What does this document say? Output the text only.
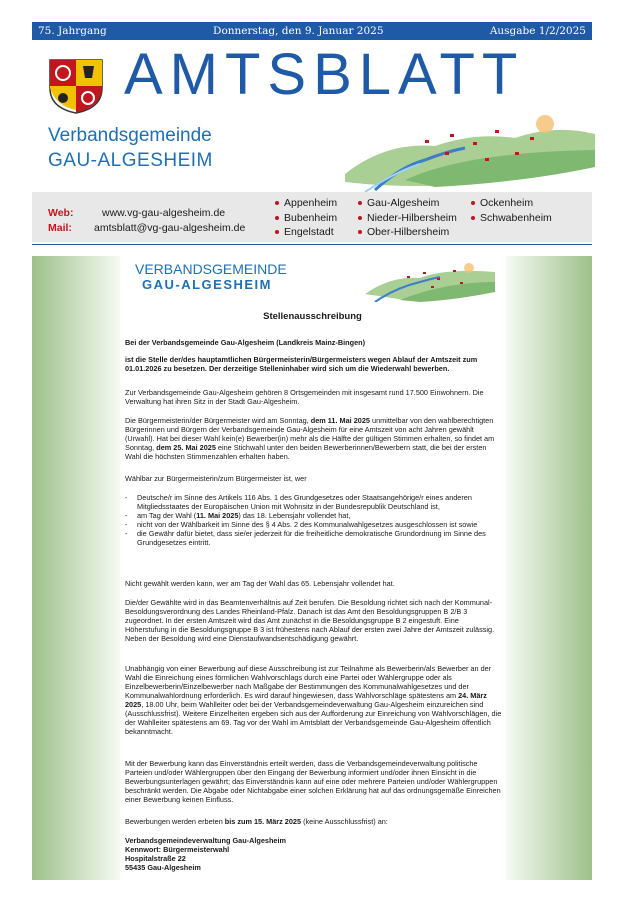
75. Jahrgang	Donnerstag, den 9. Januar 2025	Ausgabe 1/2/2025
AMTSBLATT
Verbandsgemeinde
GAU-ALGESHEIM
Web:	www.vg-gau-algesheim.de
Mail: amtsblatt@vg-gau-algesheim.de
Appenheim
Bubenheim
Engelstadt
Gau-Algesheim
Nieder-Hilbersheim
Ober-Hilbersheim
Ockenheim
Schwabenheim
VERBANDSGEMEINDE
GAU-ALGESHEIM
Stellenausschreibung
Bei der Verbandsgemeinde Gau-Algesheim (Landkreis Mainz-Bingen)
ist die Stelle der/des hauptamtlichen Bürgermeisterin/Bürgermeisters wegen Ablauf der Amtszeit zum 01.01.2026 zu besetzen. Der derzeitige Stelleninhaber wird sich um die Wiederwahl bewerben.
Zur Verbandsgemeinde Gau-Algesheim gehören 8 Ortsgemeinden mit insgesamt rund 17.500 Einwohnern. Die Verwaltung hat ihren Sitz in der Stadt Gau-Algesheim.
Die Bürgermeisterin/der Bürgermeister wird am Sonntag, dem 11. Mai 2025 unmittelbar von den wahlberechtigten Bürgerinnen und Bürgern der Verbandsgemeinde Gau-Algesheim für eine Amtszeit von acht Jahren gewählt (Urwahl). Hat bei dieser Wahl kein(e) Bewerber(in) mehr als die Hälfte der gültigen Stimmen erhalten, so findet am Sonntag, dem 25. Mai 2025 eine Stichwahl unter den beiden Bewerberinnen/Bewerbern statt, die bei der ersten Wahl die höchsten Stimmenzahlen erhalten haben.
Wählbar zur Bürgermeisterin/zum Bürgermeister ist, wer
- Deutsche/r im Sinne des Artikels 116 Abs. 1 des Grundgesetzes oder Staatsangehörige/r eines anderen Mitgliedsstaates der Europäischen Union mit Wohnsitz in der Bundesrepublik Deutschland ist,
- am Tag der Wahl (11. Mai 2025) das 18. Lebensjahr vollendet hat,
- nicht von der Wählbarkeit im Sinne des § 4 Abs. 2 des Kommunalwahlgesetzes ausgeschlossen ist sowie
- die Gewähr dafür bietet, dass sie/er jederzeit für die freiheitliche demokratische Grundordnung im Sinne des Grundgesetzes eintritt.
Nicht gewählt werden kann, wer am Tag der Wahl das 65. Lebensjahr vollendet hat.
Die/der Gewählte wird in das Beamtenverhältnis auf Zeit berufen. Die Besoldung richtet sich nach der Kommunal-Besoldungsverordnung des Landes Rheinland-Pfalz. Danach ist das Amt den Besoldungsgruppen B 2/B 3 zugeordnet. In der ersten Amtszeit wird das Amt zunächst in die Besoldungsgruppe B 2 eingestuft. Eine Höherstufung in die Besoldungsgruppe B 3 ist frühestens nach Ablauf der ersten zwei Jahre der Amtszeit zulässig. Neben der Besoldung wird eine Dienstaufwandsentschädigung gewährt.
Unabhängig von einer Bewerbung auf diese Ausschreibung ist zur Teilnahme als Bewerberin/als Bewerber an der Wahl die Einreichung eines förmlichen Wahlvorschlags durch eine Partei oder Wählergruppe oder als Einzelbewerberin/Einzelbewerber nach Maßgabe der Bestimmungen des Kommunalwahlgesetzes und der Kommunalwahlordnung erforderlich. Es wird darauf hingewiesen, dass Wahlvorschläge spätestens am 24. März 2025, 18.00 Uhr, beim Wahlleiter oder bei der Verbandsgemeindeverwaltung Gau-Algesheim einzureichen sind (Ausschlussfrist). Weitere Einzelheiten ergeben sich aus der Aufforderung zur Einreichung von Wahlvorschlägen, die der Wahlleiter spätestens am 69. Tag vor der Wahl im Amtsblatt der Verbandsgemeinde Gau-Algesheim öffentlich bekanntmacht.
Mit der Bewerbung kann das Einverständnis erteilt werden, dass die Verbandsgemeindeverwaltung politische Parteien und/oder Wählergruppen über den Eingang der Bewerbung informiert und/oder ihnen Einsicht in die Bewerbungsunterlagen gewährt; das Einverständnis kann auf eine oder mehrere Parteien und/oder Wählergruppen beschränkt werden. Die Abgabe oder Nichtabgabe einer solchen Erklärung hat auf das ordnungsgemäße Einreichen einer Bewerbung keinen Einfluss.
Bewerbungen werden erbeten bis zum 15. März 2025 (keine Ausschlussfrist) an:
Verbandsgemeindeverwaltung Gau-Algesheim
Kennwort: Bürgermeisterwahl
Hospitalstraße 22
55435 Gau-Algesheim
